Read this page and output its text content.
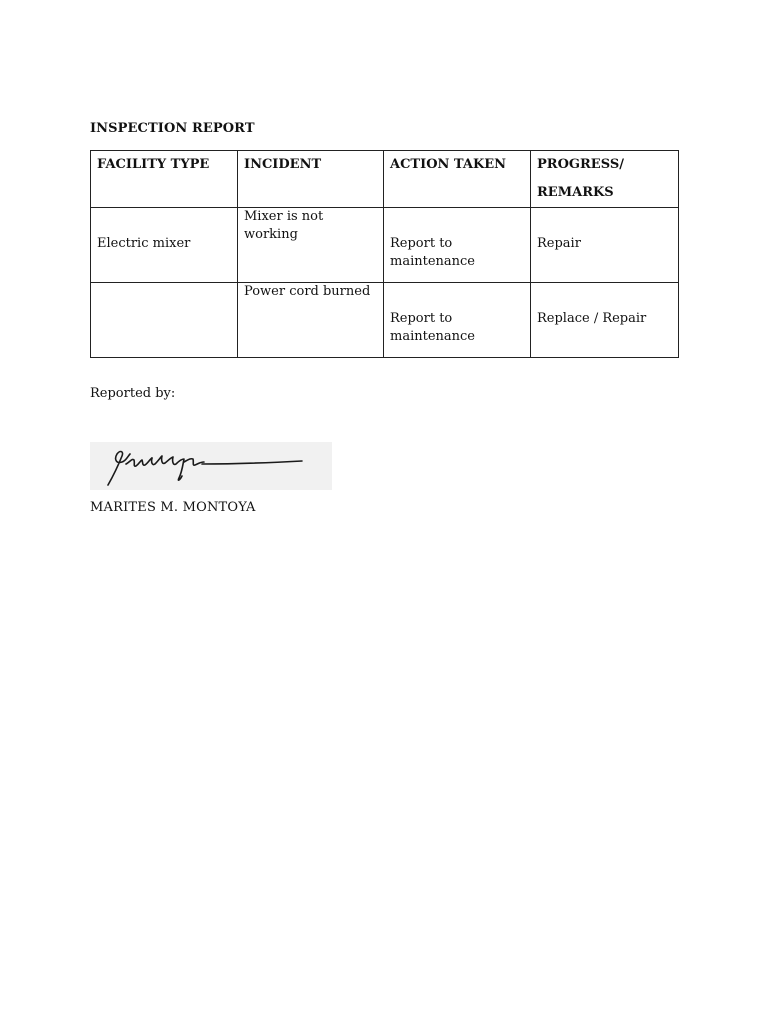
INSPECTION REPORT
FACILITY TYPE	INCIDENT	ACTION TAKEN	PROGRESS/
REMARKS

Electric mixer	Mixer is not working	Report to maintenance	Repair

	Power cord burned	Report to maintenance	Replace / Repair
Reported by:
MARITES M. MONTOYA
